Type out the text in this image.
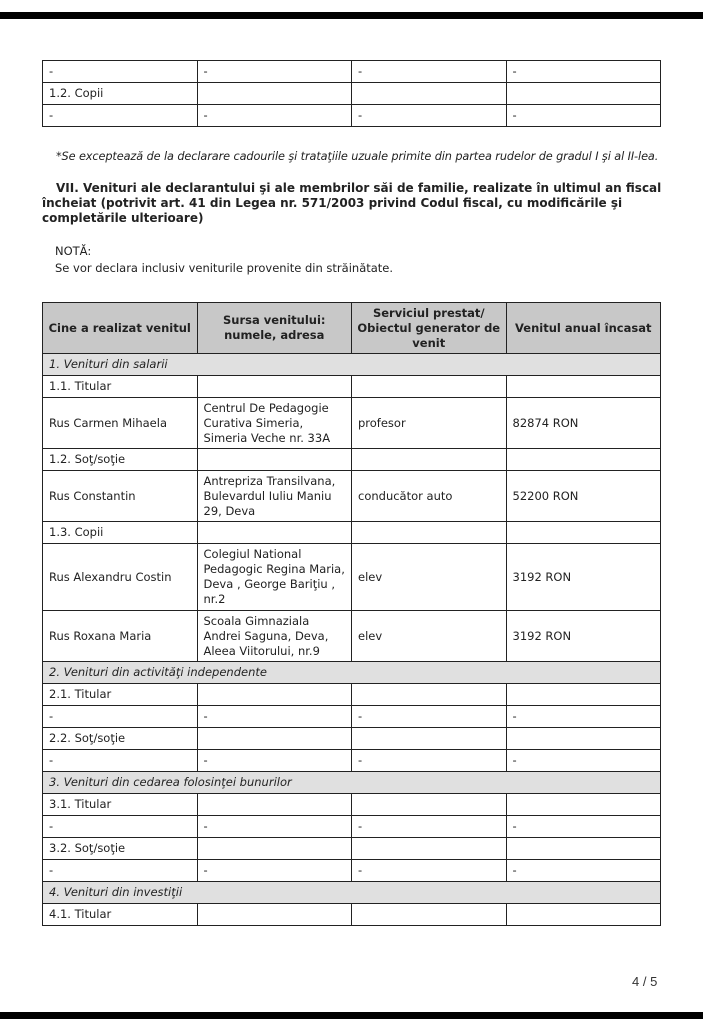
-	-	-	-
1.2. Copii			
-	-	-	-
*Se exceptează de la declarare cadourile şi trataţiile uzuale primite din partea rudelor de gradul I şi al II-lea.
VII. Venituri ale declarantului şi ale membrilor săi de familie, realizate în ultimul an fiscal încheiat (potrivit art. 41 din Legea nr. 571/2003 privind Codul fiscal, cu modificările şi completările ulterioare)
NOTĂ:
Se vor declara inclusiv veniturile provenite din străinătate.
Cine a realizat venitul	Sursa venitului: numele, adresa	Serviciul prestat/ Obiectul generator de venit	Venitul anual încasat
1. Venituri din salarii			
1.1. Titular			
Rus Carmen Mihaela	Centrul De Pedagogie Curativa Simeria, Simeria Veche nr. 33A	profesor	82874 RON
1.2. Soţ/soţie			
Rus Constantin	Antrepriza Transilvana, Bulevardul Iuliu Maniu 29, Deva	conducător auto	52200 RON
1.3. Copii			
Rus Alexandru Costin	Colegiul National Pedagogic Regina Maria, Deva , George Bariţiu , nr.2	elev	3192 RON
Rus Roxana Maria	Scoala Gimnaziala Andrei Saguna, Deva, Aleea Viitorului, nr.9	elev	3192 RON
2. Venituri din activităţi independente			
2.1. Titular			
-	-	-	-
2.2. Soţ/soţie			
-	-	-	-
3. Venituri din cedarea folosinţei bunurilor			
3.1. Titular			
-	-	-	-
3.2. Soţ/soţie			
-	-	-	-
4. Venituri din investiţii			
4.1. Titular			
4 / 5
